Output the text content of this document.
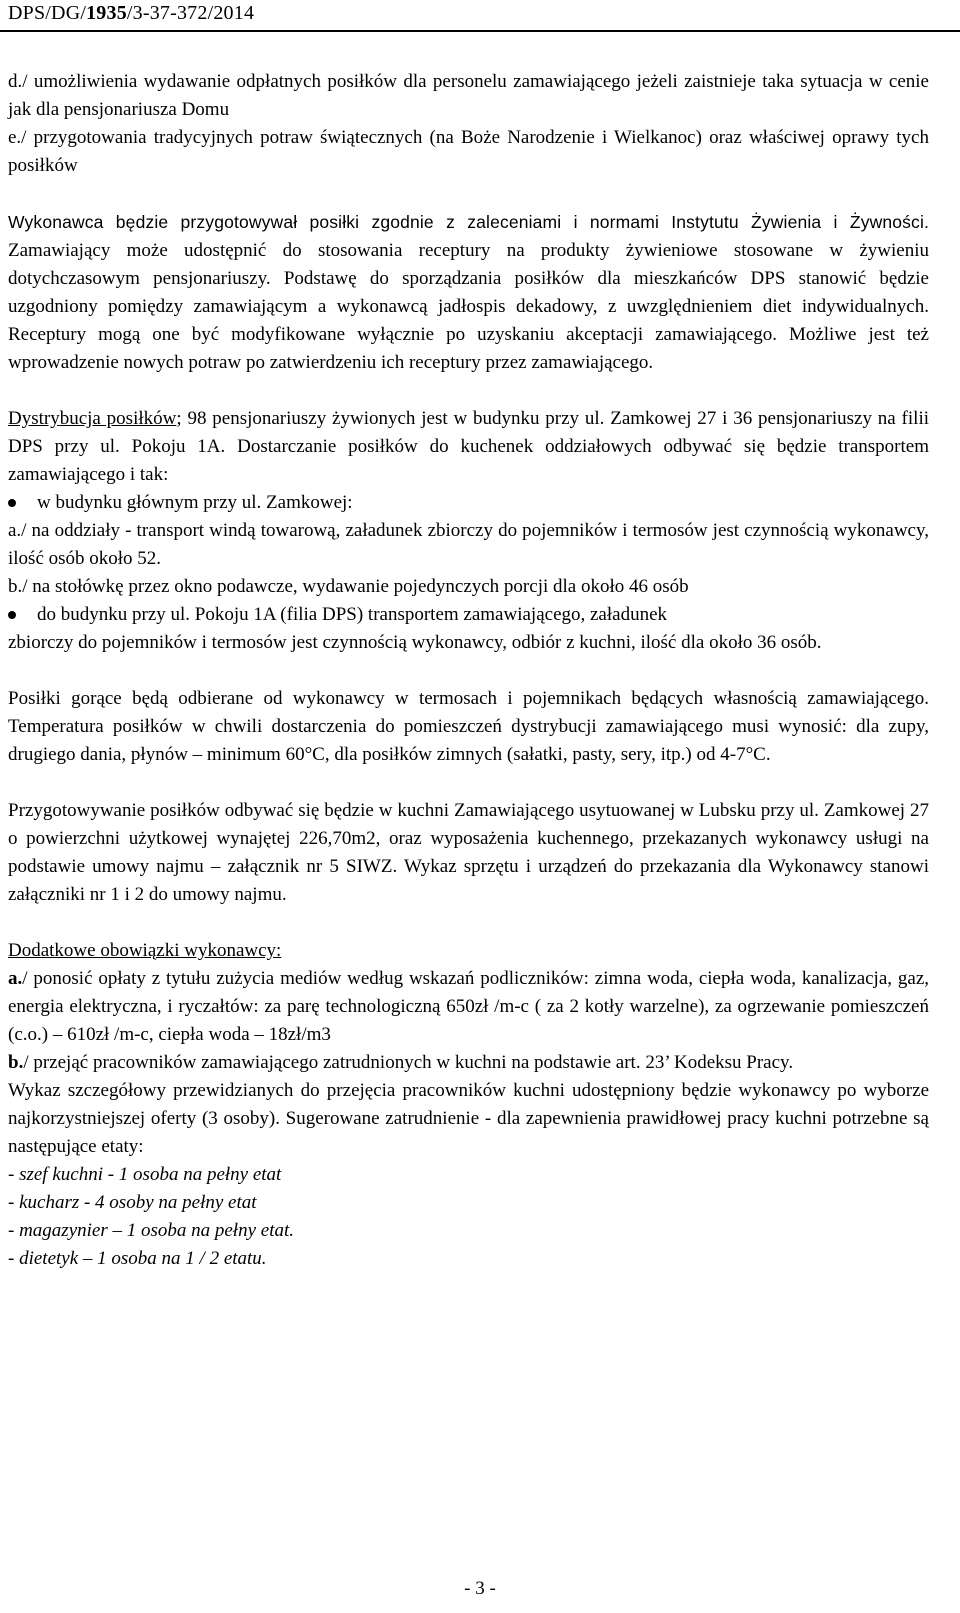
DPS/DG/1935/3-37-372/2014

d./ umożliwienia wydawanie odpłatnych posiłków dla personelu zamawiającego jeżeli zaistnieje taka sytuacja w cenie jak dla pensjonariusza Domu

e./ przygotowania tradycyjnych potraw świątecznych (na Boże Narodzenie i Wielkanoc) oraz właściwej oprawy tych posiłków

Wykonawca będzie przygotowywał posiłki zgodnie z zaleceniami i normami Instytutu Żywienia i Żywności. Zamawiający może udostępnić do stosowania receptury na produkty żywieniowe stosowane w żywieniu dotychczasowym pensjonariuszy. Podstawę do sporządzania posiłków dla mieszkańców DPS stanowić będzie uzgodniony pomiędzy zamawiającym a wykonawcą jadłospis dekadowy, z uwzględnieniem diet indywidualnych. Receptury mogą one być modyfikowane wyłącznie po uzyskaniu akceptacji zamawiającego. Możliwe jest też wprowadzenie nowych potraw po zatwierdzeniu ich receptury przez zamawiającego.

Dystrybucja posiłków; 98 pensjonariuszy żywionych jest w budynku przy ul. Zamkowej 27 i 36 pensjonariuszy na filii DPS przy ul. Pokoju 1A. Dostarczanie posiłków do kuchenek oddziałowych odbywać się będzie transportem zamawiającego i tak:

w budynku głównym przy ul. Zamkowej:

a./ na oddziały - transport windą towarową, załadunek zbiorczy do pojemników i termosów jest czynnością wykonawcy, ilość osób około 52.

b./ na stołówkę przez okno podawcze, wydawanie pojedynczych porcji dla około 46 osób

do budynku przy ul. Pokoju 1A (filia DPS) transportem zamawiającego, załadunek

zbiorczy do pojemników i termosów jest czynnością wykonawcy, odbiór z kuchni, ilość dla około 36 osób.

Posiłki gorące będą odbierane od wykonawcy w termosach i pojemnikach będących własnością zamawiającego. Temperatura posiłków w chwili dostarczenia do pomieszczeń dystrybucji zamawiającego musi wynosić: dla zupy, drugiego dania, płynów – minimum 60°C, dla posiłków zimnych (sałatki, pasty, sery, itp.) od 4-7°C.

Przygotowywanie posiłków odbywać się będzie w kuchni Zamawiającego usytuowanej w Lubsku przy ul. Zamkowej 27 o powierzchni użytkowej wynajętej 226,70m2, oraz wyposażenia kuchennego, przekazanych wykonawcy usługi na podstawie umowy najmu – załącznik nr 5 SIWZ. Wykaz sprzętu i urządzeń do przekazania dla Wykonawcy stanowi załączniki nr 1 i 2 do umowy najmu.

Dodatkowe obowiązki wykonawcy:

a./ ponosić opłaty z tytułu zużycia mediów według wskazań podliczników: zimna woda, ciepła woda, kanalizacja, gaz, energia elektryczna, i ryczałtów: za parę technologiczną 650zł /m-c ( za 2 kotły warzelne), za ogrzewanie pomieszczeń (c.o.) – 610zł /m-c, ciepła woda – 18zł/m3

b./ przejąć pracowników zamawiającego zatrudnionych w kuchni na podstawie art. 23’ Kodeksu Pracy.

Wykaz szczegółowy przewidzianych do przejęcia pracowników kuchni udostępniony będzie wykonawcy po wyborze najkorzystniejszej oferty (3 osoby). Sugerowane zatrudnienie - dla zapewnienia prawidłowej pracy kuchni potrzebne są następujące etaty:

- szef kuchni - 1 osoba na pełny etat

- kucharz - 4 osoby na pełny etat

- magazynier – 1 osoba na pełny etat.

- dietetyk – 1 osoba na 1 / 2 etatu.

- 3 -
